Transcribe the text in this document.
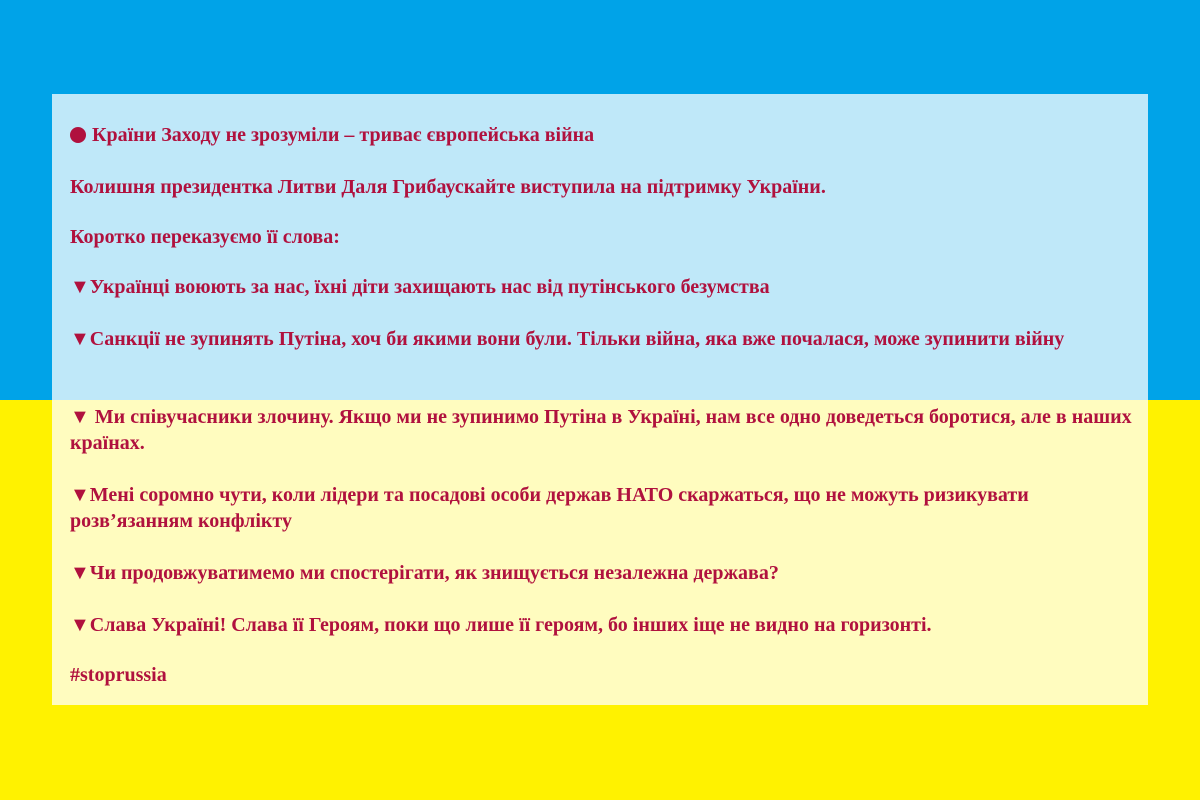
Країни Заходу не зрозуміли – триває європейська війна
Колишня президентка Литви Даля Грибаускайте виступила на підтримку України.
Коротко переказуємо її слова:
▼Українці воюють за нас, їхні діти захищають нас від путінського безумства
▼Санкції не зупинять Путіна, хоч би якими вони були. Тільки війна, яка вже почалася, може зупинити війну
▼ Ми співучасники злочину. Якщо ми не зупинимо Путіна в Україні, нам все одно доведеться боротися, але в наших країнах.
▼Мені соромно чути, коли лідери та посадові особи держав НАТО скаржаться, що не можуть ризикувати розв’язанням конфлікту
▼Чи продовжуватимемо ми спостерігати, як знищується незалежна держава?
▼Слава Україні! Слава її Героям, поки що лише її героям, бо інших іще не видно на горизонті.
#stoprussia
